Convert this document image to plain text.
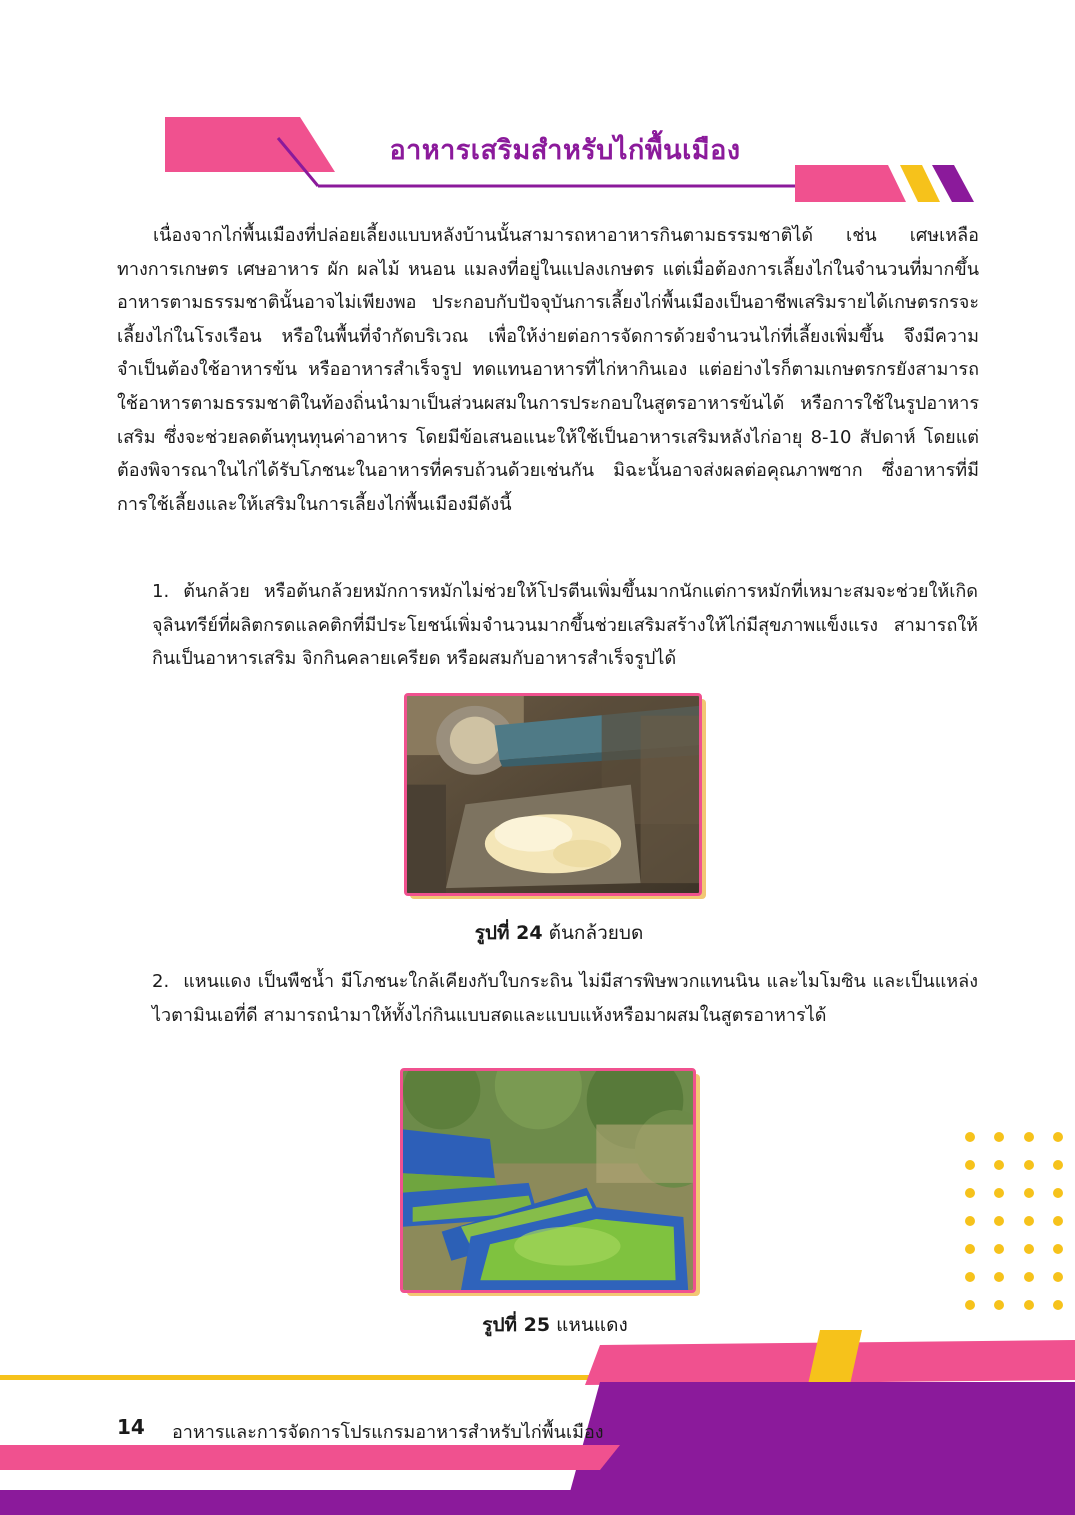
อาหารเสริมสำหรับไก่พื้นเมือง

เนื่องจากไก่พื้นเมืองที่ปล่อยเลี้ยงแบบหลังบ้านนั้นสามารถหาอาหารกินตามธรรมชาติได้ เช่น เศษเหลือทางการเกษตร เศษอาหาร ผัก ผลไม้ หนอน แมลงที่อยู่ในแปลงเกษตร แต่เมื่อต้องการเลี้ยงไก่ในจำนวนที่มากขึ้นอาหารตามธรรมชาตินั้นอาจไม่เพียงพอ ประกอบกับปัจจุบันการเลี้ยงไก่พื้นเมืองเป็นอาชีพเสริมรายได้เกษตรกรจะเลี้ยงไก่ในโรงเรือน หรือในพื้นที่จำกัดบริเวณ เพื่อให้ง่ายต่อการจัดการด้วยจำนวนไก่ที่เลี้ยงเพิ่มขึ้น จึงมีความจำเป็นต้องใช้อาหารข้น หรืออาหารสำเร็จรูป ทดแทนอาหารที่ไก่หากินเอง แต่อย่างไรก็ตามเกษตรกรยังสามารถใช้อาหารตามธรรมชาติในท้องถิ่นนำมาเป็นส่วนผสมในการประกอบในสูตรอาหารข้นได้ หรือการใช้ในรูปอาหารเสริม ซึ่งจะช่วยลดต้นทุนทุนค่าอาหาร โดยมีข้อเสนอแนะให้ใช้เป็นอาหารเสริมหลังไก่อายุ 8-10 สัปดาห์ โดยแต่ต้องพิจารณาในไก่ได้รับโภชนะในอาหารที่ครบถ้วนด้วยเช่นกัน มิฉะนั้นอาจส่งผลต่อคุณภาพซาก ซึ่งอาหารที่มีการใช้เลี้ยงและให้เสริมในการเลี้ยงไก่พื้นเมืองมีดังนี้

1. ต้นกล้วย หรือต้นกล้วยหมักการหมักไม่ช่วยให้โปรตีนเพิ่มขึ้นมากนักแต่การหมักที่เหมาะสมจะช่วยให้เกิดจุลินทรีย์ที่ผลิตกรดแลคติกที่มีประโยชน์เพิ่มจำนวนมากขึ้นช่วยเสริมสร้างให้ไก่มีสุขภาพแข็งแรง สามารถให้กินเป็นอาหารเสริม จิกกินคลายเครียด หรือผสมกับอาหารสำเร็จรูปได้

รูปที่ 24 ต้นกล้วยบด

2. แหนแดง เป็นพืชน้ำ มีโภชนะใกล้เคียงกับใบกระถิน ไม่มีสารพิษพวกแทนนิน และไมโมซิน และเป็นแหล่งไวตามินเอที่ดี สามารถนำมาให้ทั้งไก่กินแบบสดและแบบแห้งหรือมาผสมในสูตรอาหารได้

รูปที่ 25 แหนแดง
14 อาหารและการจัดการโปรแกรมอาหารสำหรับไก่พื้นเมือง
